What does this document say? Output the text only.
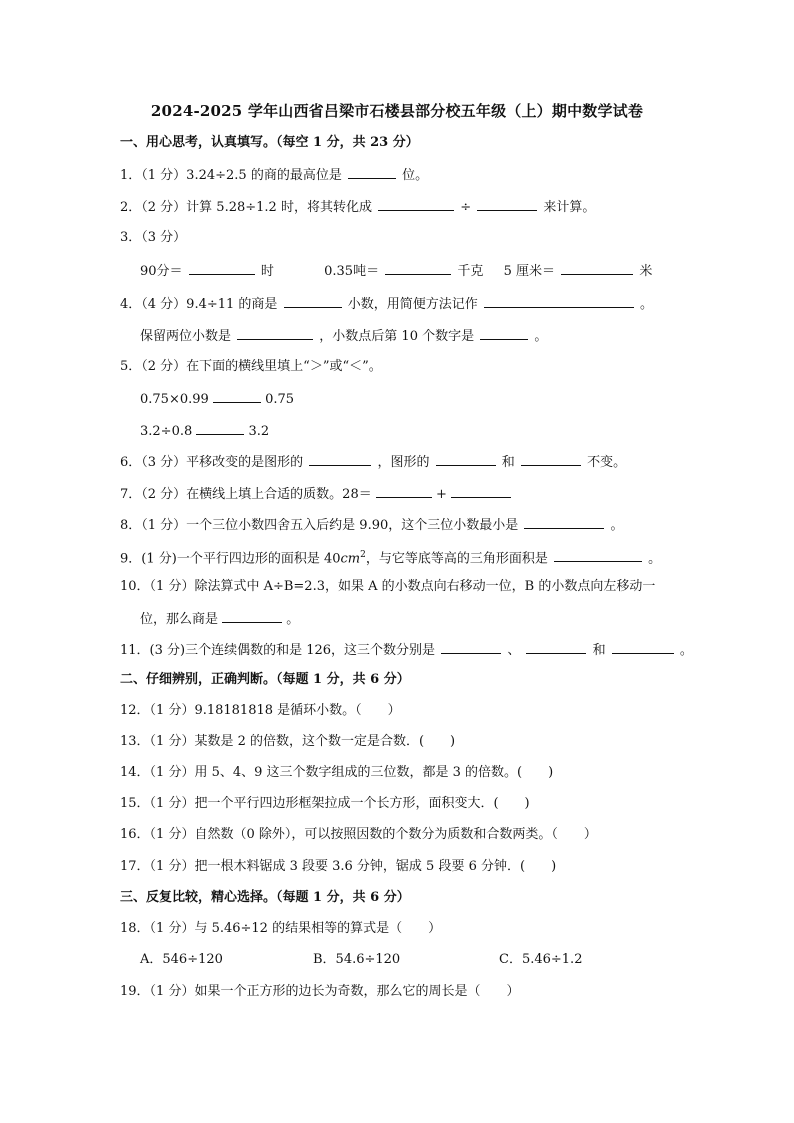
2024-2025 学年山西省吕梁市石楼县部分校五年级（上）期中数学试卷
一、用心思考，认真填写。（每空 1 分，共 23 分）
1．（1 分）3.24÷2.5 的商的最高位是	位。
2．（2 分）计算 5.28÷1.2 时，将其转化成	÷	来计算。
3．（3 分）
90分＝	时	0.35吨＝	千克 5 厘米＝	米
4．（4 分）9.4÷11 的商是	小数，用简便方法记作	。
保留两位小数是	，小数点后第 10 个数字是	。
5．（2 分）在下面的横线里填上“＞”或“＜”。
0.75×0.99	0.75
3.2÷0.8	3.2
6．（3 分）平移改变的是图形的	，图形的	和	不变。
7．（2 分）在横线上填上合适的质数。28＝	+
8．（1 分）一个三位小数四舍五入后约是 9.90，这个三位小数最小是	。
9．(1 分)一个平行四边形的面积是 $40cm^2$，与它等底等高的三角形面积是	。
10．（1 分）除法算式中 A÷B=2.3，如果 A 的小数点向右移动一位，B 的小数点向左移动一
位，那么商是	。
11．(3 分)三个连续偶数的和是 126，这三个数分别是	、	和	。
二、仔细辨别，正确判断。（每题 1 分，共 6 分）
12．（1 分）9.18181818 是循环小数。（　　）
13．（1 分）某数是 2 的倍数，这个数一定是合数．(　　)
14．（1 分）用 5、4、9 这三个数字组成的三位数，都是 3 的倍数。(　　)
15．（1 分）把一个平行四边形框架拉成一个长方形，面积变大．(　　)
16．（1 分）自然数（0 除外），可以按照因数的个数分为质数和合数两类。（　　）
17．（1 分）把一根木料锯成 3 段要 3.6 分钟，锯成 5 段要 6 分钟．(　　)
三、反复比较，精心选择。（每题 1 分，共 6 分）
18．（1 分）与 5.46÷12 的结果相等的算式是（　　）
A．546÷120	B．54.6÷120	C．5.46÷1.2
19．（1 分）如果一个正方形的边长为奇数，那么它的周长是（　　）
